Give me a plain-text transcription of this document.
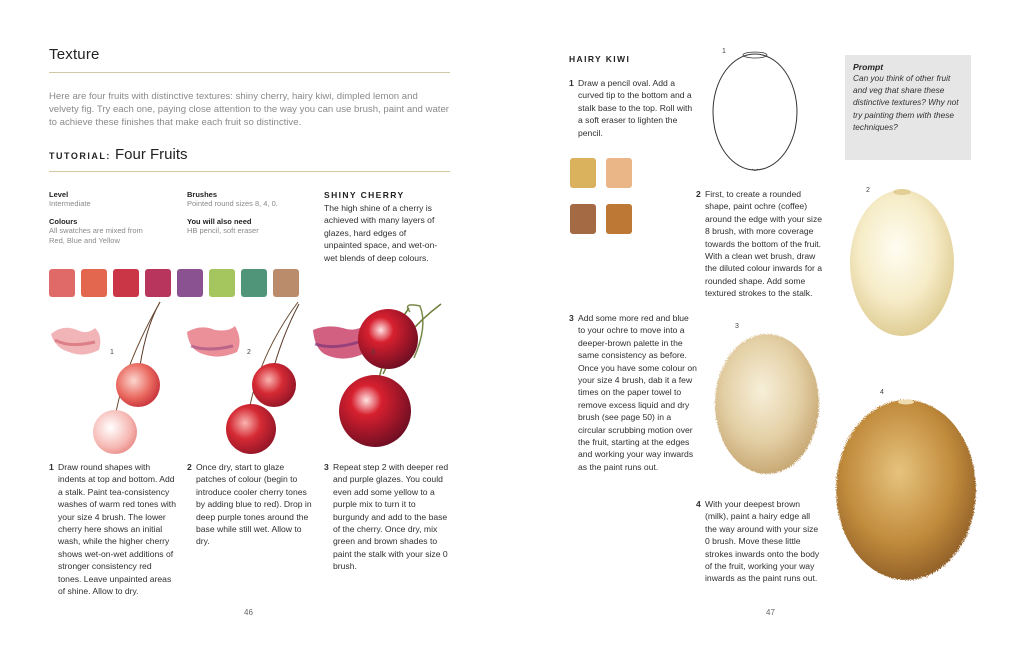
Texture
Here are four fruits with distinctive textures: shiny cherry, hairy kiwi, dimpled lemon and velvety fig. Try each one, paying close attention to the way you can use brush, paint and water to achieve these finishes that make each fruit so distinctive.
TUTORIAL: Four Fruits
Level
Intermediate
Colours
All swatches are mixed from Red, Blue and Yellow
Brushes
Pointed round sizes 8, 4, 0.
You will also need
HB pencil, soft eraser
SHINY CHERRY
The high shine of a cherry is achieved with many layers of glazes, hard edges of unpainted space, and wet-on-wet blends of deep colours.
1	2	3
1 Draw round shapes with indents at top and bottom. Add a stalk. Paint tea-consistency washes of warm red tones with your size 4 brush. The lower cherry here shows an initial wash, while the higher cherry shows wet-on-wet additions of stronger consistency red tones. Leave unpainted areas of shine. Allow to dry.
2 Once dry, start to glaze patches of colour (begin to introduce cooler cherry tones by adding blue to red). Drop in deep purple tones around the base while still wet. Allow to dry.
3 Repeat step 2 with deeper red and purple glazes. You could even add some yellow to a purple mix to turn it to burgundy and add to the base of the cherry. Once dry, mix green and brown shades to paint the stalk with your size 0 brush.
46
HAIRY KIWI
1 Draw a pencil oval. Add a curved tip to the bottom and a stalk base to the top. Roll with a soft eraser to lighten the pencil.
1
2 First, to create a rounded shape, paint ochre (coffee) around the edge with your size 8 brush, with more coverage towards the bottom of the fruit. With a clean wet brush, draw the diluted colour inwards for a rounded shape. Add some textured strokes to the stalk.
Prompt
Can you think of other fruit and veg that share these distinctive textures? Why not try painting them with these techniques?
2
3
4
3 Add some more red and blue to your ochre to move into a deeper-brown palette in the same consistency as before. Once you have some colour on your size 4 brush, dab it a few times on the paper towel to remove excess liquid and dry brush (see page 50) in a circular scrubbing motion over the fruit, starting at the edges and working your way inwards as the paint runs out.
4 With your deepest brown (milk), paint a hairy edge all the way around with your size 0 brush. Move these little strokes inwards onto the body of the fruit, working your way inwards as the paint runs out.
47
